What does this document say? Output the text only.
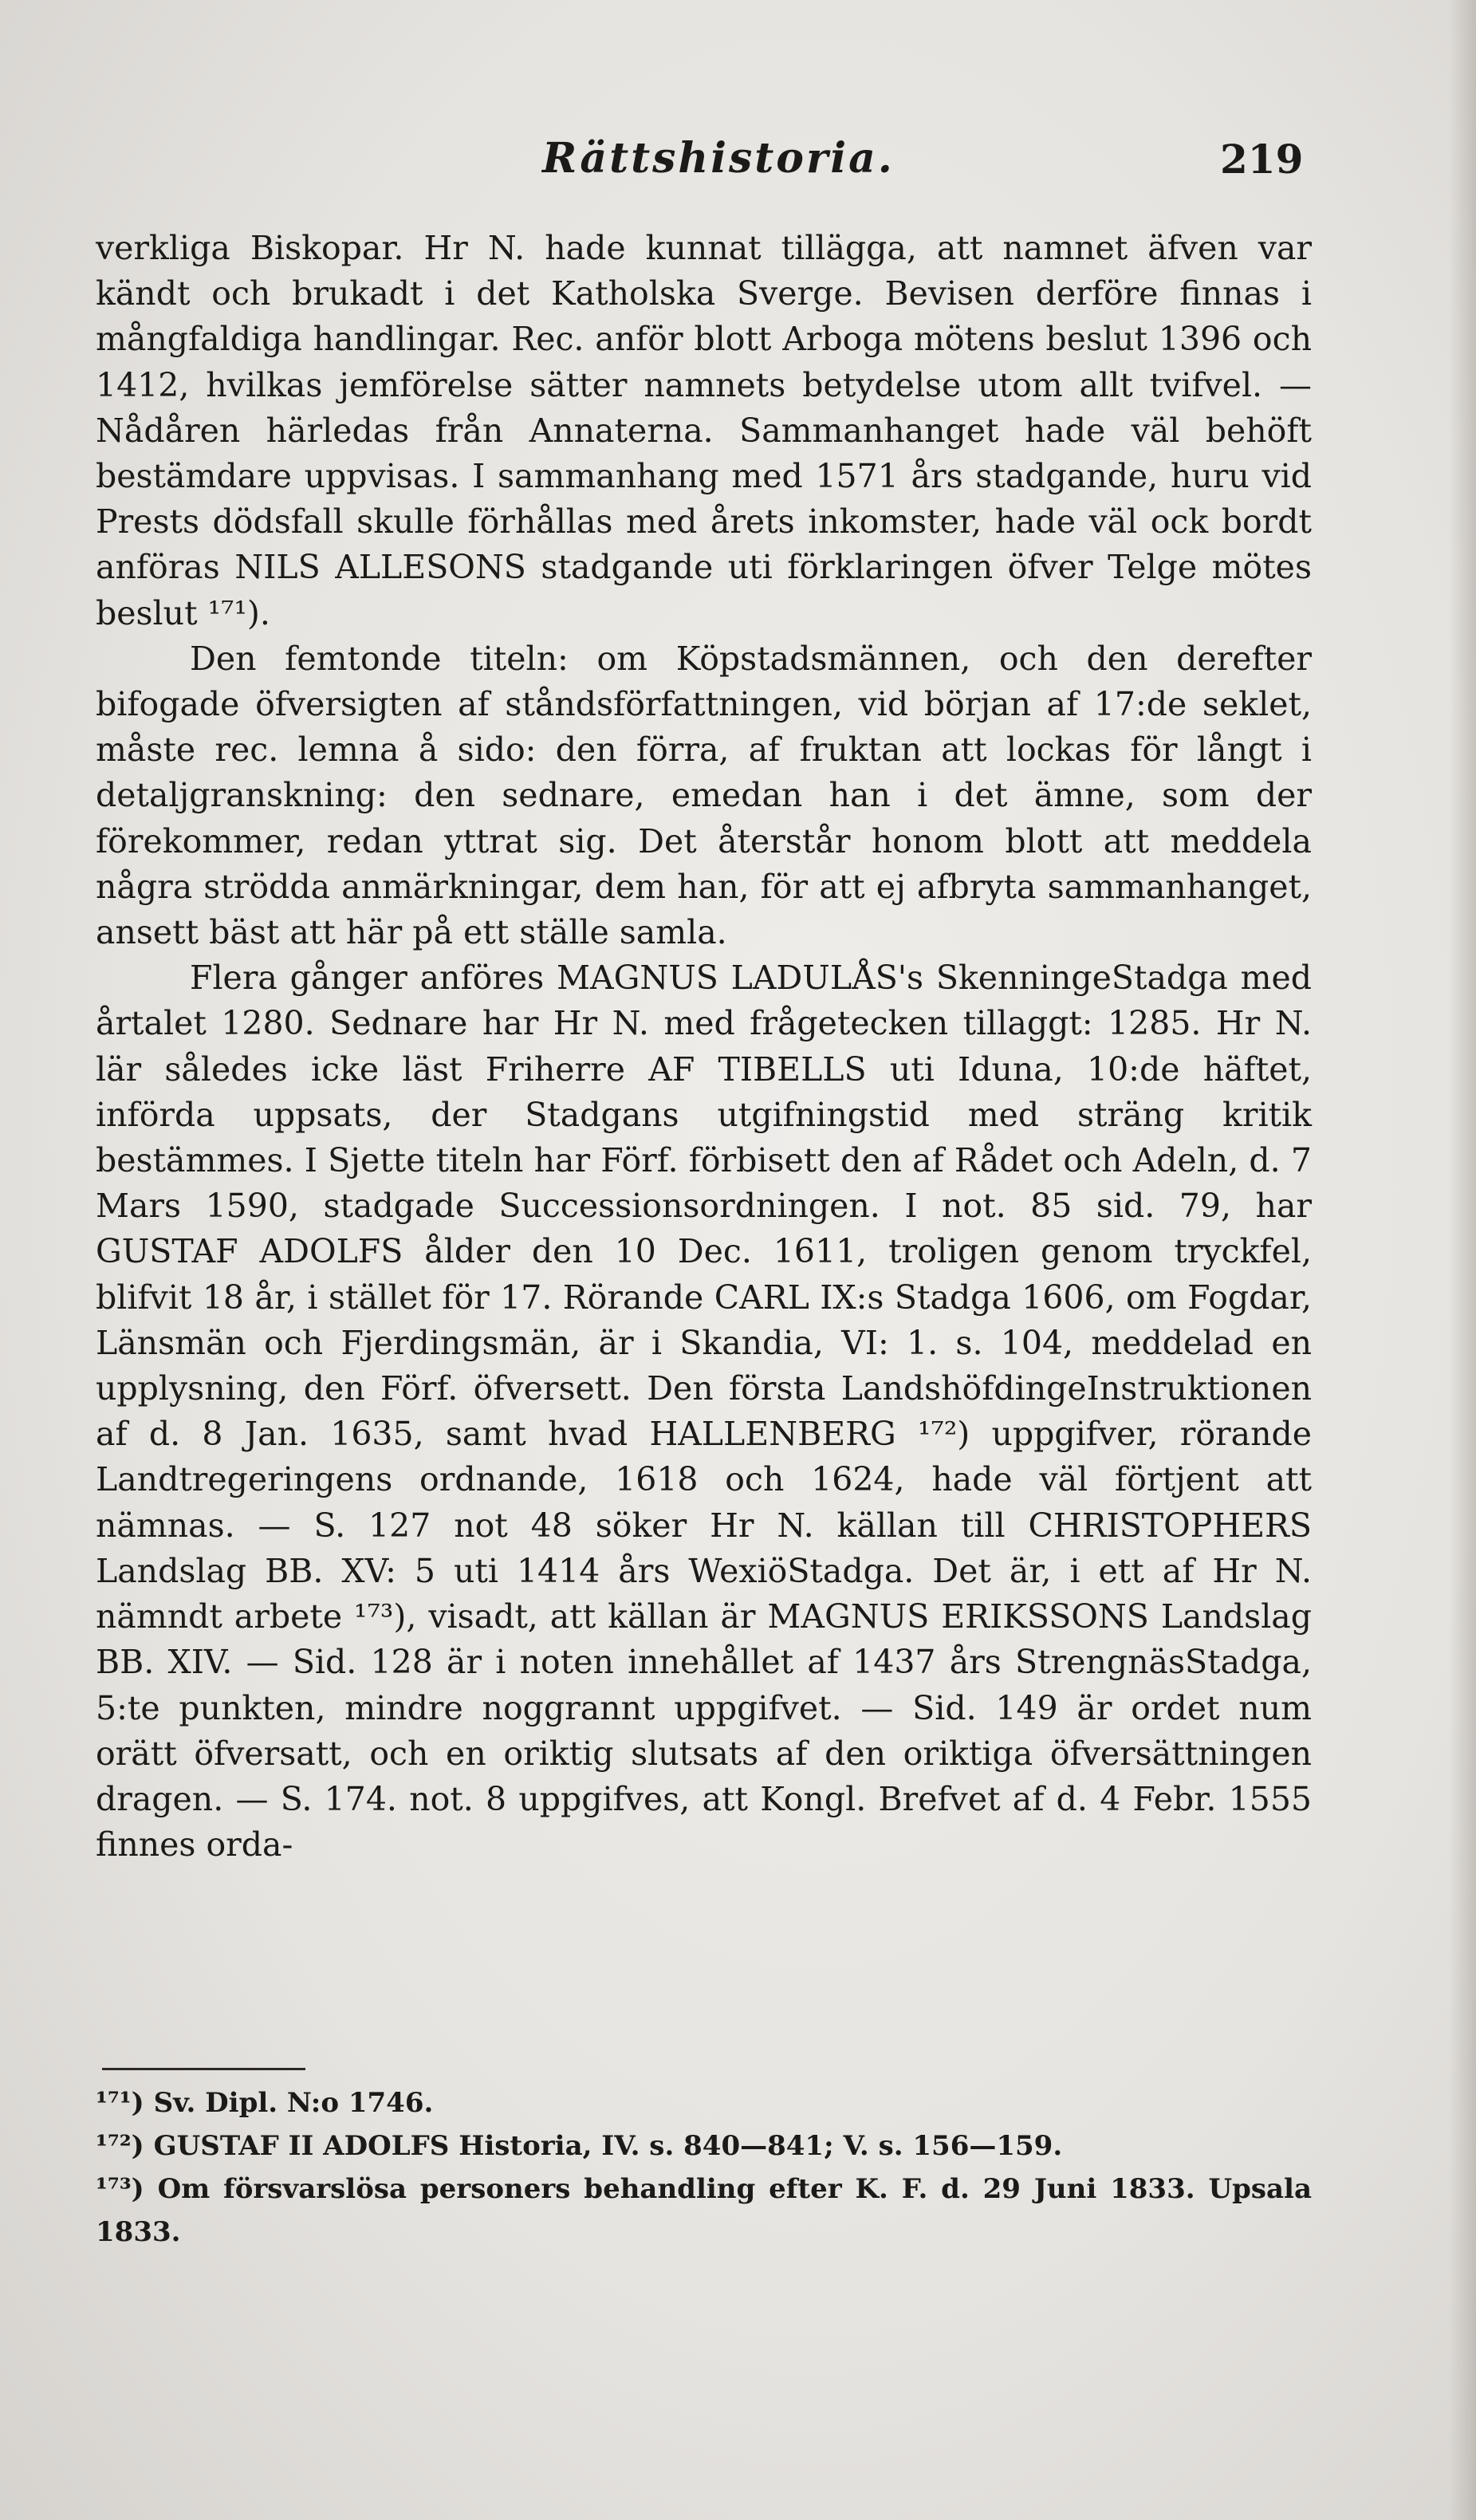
Rättshistoria.	219

verkliga Biskopar. Hr N. hade kunnat tillägga, att namnet äfven var kändt och brukadt i det Katholska Sverge. Bevisen derföre finnas i mångfaldiga handlingar. Rec. anför blott Arboga mötens beslut 1396 och 1412, hvilkas jemförelse sätter namnets betydelse utom allt tvifvel. — Nådåren härledas från Annaterna. Sammanhanget hade väl behöft bestämdare uppvisas. I sammanhang med 1571 års stadgande, huru vid Prests dödsfall skulle förhållas med årets inkomster, hade väl ock bordt anföras NILS ALLESONS stadgande uti förklaringen öfver Telge mötes beslut ¹⁷¹).

Den femtonde titeln: om Köpstadsmännen, och den derefter bifogade öfversigten af ståndsförfattningen, vid början af 17:de seklet, måste rec. lemna å sido: den förra, af fruktan att lockas för långt i detaljgranskning: den sednare, emedan han i det ämne, som der förekommer, redan yttrat sig. Det återstår honom blott att meddela några strödda anmärkningar, dem han, för att ej afbryta sammanhanget, ansett bäst att här på ett ställe samla.

Flera gånger anföres MAGNUS LADULÅS's SkenningeStadga med årtalet 1280. Sednare har Hr N. med frågetecken tillaggt: 1285. Hr N. lär således icke läst Friherre AF TIBELLS uti Iduna, 10:de häftet, införda uppsats, der Stadgans utgifningstid med sträng kritik bestämmes. I Sjette titeln har Förf. förbisett den af Rådet och Adeln, d. 7 Mars 1590, stadgade Successionsordningen. I not. 85 sid. 79, har GUSTAF ADOLFS ålder den 10 Dec. 1611, troligen genom tryckfel, blifvit 18 år, i stället för 17. Rörande CARL IX:s Stadga 1606, om Fogdar, Länsmän och Fjerdingsmän, är i Skandia, VI: 1. s. 104, meddelad en upplysning, den Förf. öfversett. Den första LandshöfdingeInstruktionen af d. 8 Jan. 1635, samt hvad HALLENBERG ¹⁷²) uppgifver, rörande Landtregeringens ordnande, 1618 och 1624, hade väl förtjent att nämnas. — S. 127 not 48 söker Hr N. källan till CHRISTOPHERS Landslag BB. XV: 5 uti 1414 års WexiöStadga. Det är, i ett af Hr N. nämndt arbete ¹⁷³), visadt, att källan är MAGNUS ERIKSSONS Landslag BB. XIV. — Sid. 128 är i noten innehållet af 1437 års StrengnäsStadga, 5:te punkten, mindre noggrannt uppgifvet. — Sid. 149 är ordet num orätt öfversatt, och en oriktig slutsats af den oriktiga öfversättningen dragen. — S. 174. not. 8 uppgifves, att Kongl. Brefvet af d. 4 Febr. 1555 finnes orda-

¹⁷¹) Sv. Dipl. N:o 1746.

¹⁷²) GUSTAF II ADOLFS Historia, IV. s. 840—841; V. s. 156—159.

¹⁷³) Om försvarslösa personers behandling efter K. F. d. 29 Juni 1833. Upsala 1833.
